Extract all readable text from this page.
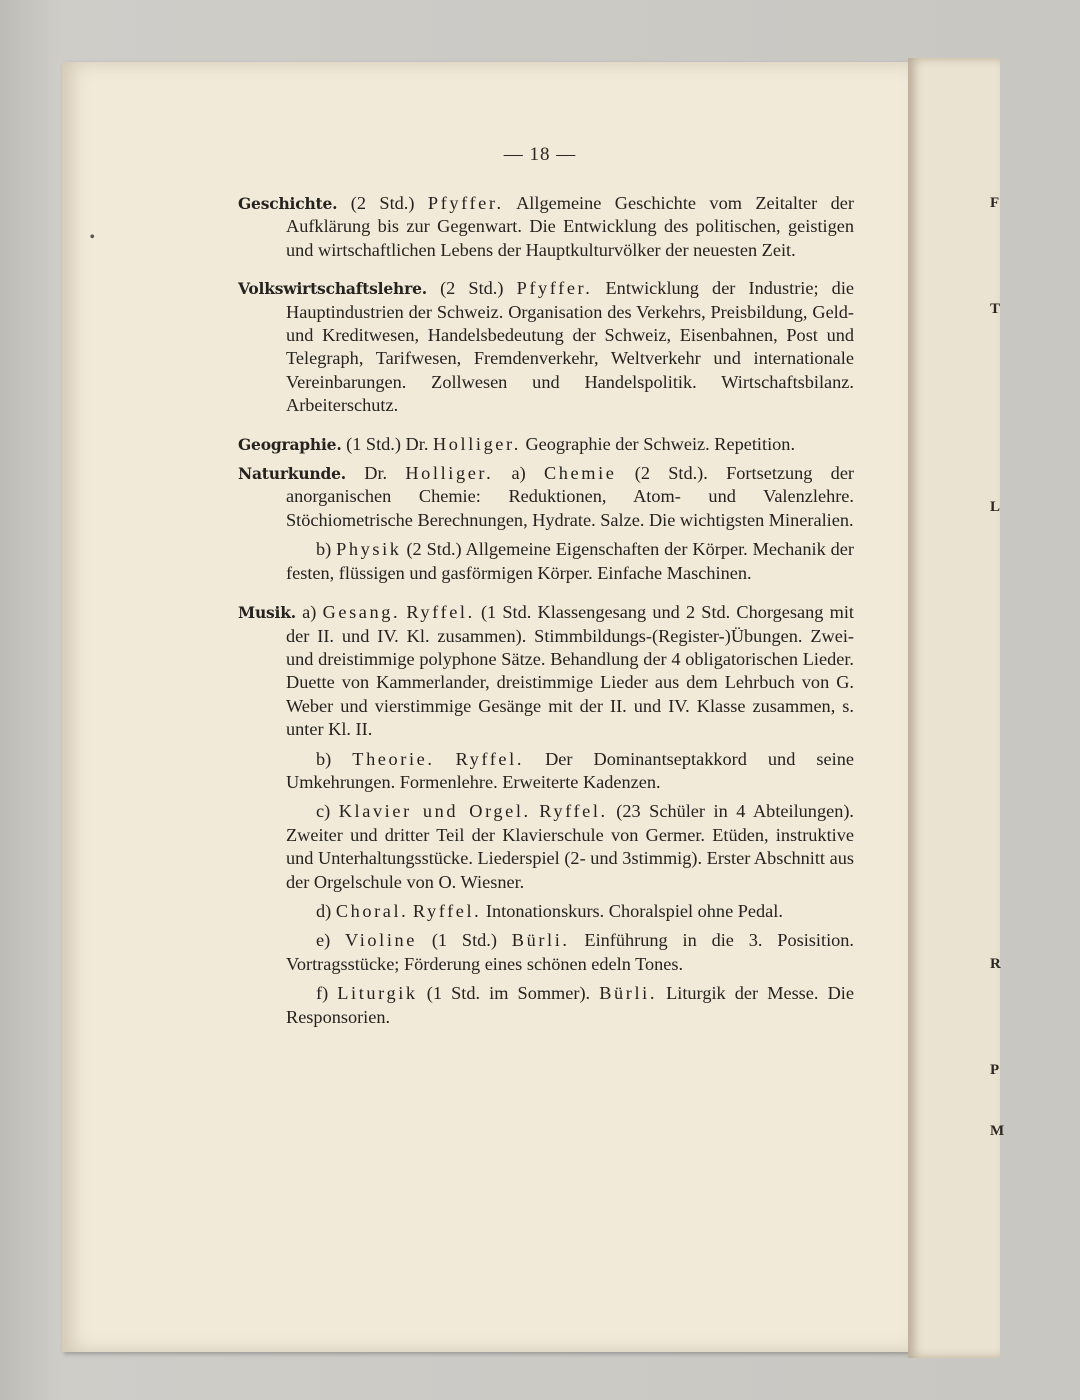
F
T
L
R
P
M
•
— 18 —

Geschichte. (2 Std.) Pfyffer. Allgemeine Geschichte vom Zeitalter der Aufklärung bis zur Gegenwart. Die Entwicklung des politischen, geistigen und wirtschaftlichen Lebens der Hauptkulturvölker der neuesten Zeit.

Volkswirtschaftslehre. (2 Std.) Pfyffer. Entwicklung der Industrie; die Hauptindustrien der Schweiz. Organisation des Verkehrs, Preisbildung, Geld- und Kreditwesen, Handelsbedeutung der Schweiz, Eisenbahnen, Post und Telegraph, Tarifwesen, Fremdenverkehr, Weltverkehr und internationale Vereinbarungen. Zollwesen und Handelspolitik. Wirtschaftsbilanz. Arbeiterschutz.

Geographie. (1 Std.) Dr. Holliger. Geographie der Schweiz. Repetition.

Naturkunde. Dr. Holliger. a) Chemie (2 Std.). Fortsetzung der anorganischen Chemie: Reduktionen, Atom- und Valenzlehre. Stöchiometrische Berechnungen, Hydrate. Salze. Die wichtigsten Mineralien.

b) Physik (2 Std.) Allgemeine Eigenschaften der Körper. Mechanik der festen, flüssigen und gasförmigen Körper. Einfache Maschinen.

Musik. a) Gesang. Ryffel. (1 Std. Klassengesang und 2 Std. Chorgesang mit der II. und IV. Kl. zusammen). Stimmbildungs-(Register-)Übungen. Zwei- und dreistimmige polyphone Sätze. Behandlung der 4 obligatorischen Lieder. Duette von Kammerlander, dreistimmige Lieder aus dem Lehrbuch von G. Weber und vierstimmige Gesänge mit der II. und IV. Klasse zusammen, s. unter Kl. II.

b) Theorie. Ryffel. Der Dominantseptakkord und seine Umkehrungen. Formenlehre. Erweiterte Kadenzen.

c) Klavier und Orgel. Ryffel. (23 Schüler in 4 Abteilungen). Zweiter und dritter Teil der Klavierschule von Germer. Etüden, instruktive und Unterhaltungsstücke. Liederspiel (2- und 3stimmig). Erster Abschnitt aus der Orgelschule von O. Wiesner.

d) Choral. Ryffel. Intonationskurs. Choralspiel ohne Pedal.

e) Violine (1 Std.) Bürli. Einführung in die 3. Posisition. Vortragsstücke; Förderung eines schönen edeln Tones.

f) Liturgik (1 Std. im Sommer). Bürli. Liturgik der Messe. Die Responsorien.
